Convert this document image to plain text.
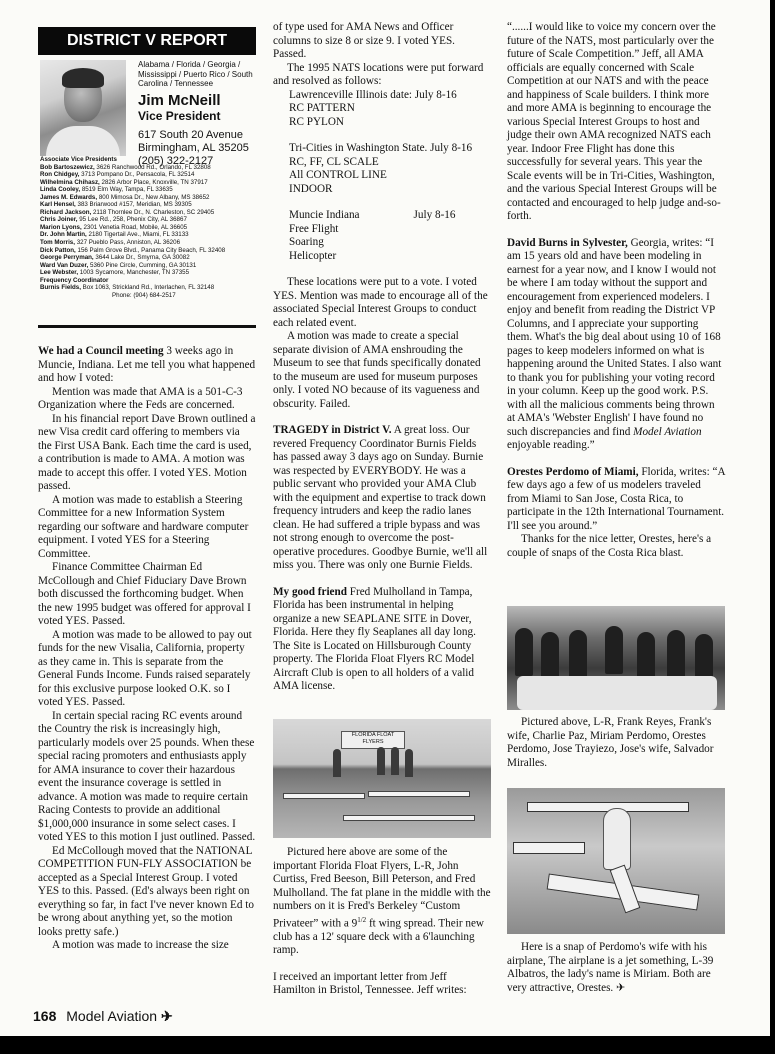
DISTRICT V REPORT
Alabama / Florida / Georgia / Mississippi / Puerto Rico / South Carolina / Tennessee
Jim McNeill
Vice President
617 South 20 Avenue
Birmingham, AL 35205
(205) 322-2127
Associate Vice Presidents
Bob Bartoszewicz, 3626 Ranchwood Rd., Orlando, FL 32808
Ron Chidgey, 3713 Pompano Dr., Pensacola, FL 32514
Wilhelmina Chihasz, 2826 Arbor Place, Knoxville, TN 37917
Linda Cooley, 8519 Elm Way, Tampa, FL 33635
James M. Edwards, 800 Mimosa Dr., New Albany, MS 38652
Karl Hensel, 383 Briarwood #157, Meridian, MS 39305
Richard Jackson, 2118 Thornlee Dr., N. Charleston, SC 29405
Chris Joiner, 95 Lee Rd., 258, Phenix City, AL 36867
Marion Lyons, 2301 Venetia Road, Mobile, AL 36605
Dr. John Martin, 2180 Tigertail Ave., Miami, FL 33133
Tom Morris, 327 Pueblo Pass, Anniston, AL 36206
Dick Patton, 156 Palm Grove Blvd., Panama City Beach, FL 32408
George Perryman, 3644 Lake Dr., Smyrna, GA 30082
Ward Van Duzer, 5360 Pine Circle, Cumming, GA 30131
Lee Webster, 1003 Sycamore, Manchester, TN 37355
Frequency Coordinator
Burnis Fields, Box 1063, Strickland Rd., Interlachen, FL 32148
Phone: (904) 684-2517

We had a Council meeting 3 weeks ago in Muncie, Indiana. Let me tell you what happened and how I voted:

Mention was made that AMA is a 501-C-3 Organization where the Feds are concerned.

In his financial report Dave Brown outlined a new Visa credit card offering to members via the First USA Bank. Each time the card is used, a contribution is made to AMA. A motion was made to accept this offer. I voted YES. Motion passed.

A motion was made to establish a Steering Committee for a new Information System regarding our software and hardware computer equipment. I voted YES for a Steering Committee.

Finance Committee Chairman Ed McCollough and Chief Fiduciary Dave Brown both discussed the forthcoming budget. When the new 1995 budget was offered for approval I voted YES. Passed.

A motion was made to be allowed to pay out funds for the new Visalia, California, property as they came in. This is separate from the General Funds Income. Funds raised separately for this exclusive purpose looked O.K. so I voted YES. Passed.

In certain special racing RC events around the Country the risk is increasingly high, particularly models over 25 pounds. When these special racing promoters and enthusiasts apply for AMA insurance to cover their hazardous event the insurance coverage is settled in advance. A motion was made to require certain Racing Contests to provide an additional $1,000,000 insurance in some select cases. I voted YES to this motion I just outlined. Passed.

Ed McCollough moved that the NATIONAL COMPETITION FUN-FLY ASSOCIATION be accepted as a Special Interest Group. I voted YES to this. Passed. (Ed's always been right on everything so far, in fact I've never known Ed to be wrong about anything yet, so the motion looks pretty safe.)

A motion was made to increase the size

of type used for AMA News and Officer columns to size 8 or size 9. I voted YES. Passed.

The 1995 NATS locations were put forward and resolved as follows:

Lawrenceville Illinois date: July 8-16
RC PATTERN
RC PYLON
Tri-Cities in Washington State. July 8-16
RC, FF, CL SCALE
All CONTROL LINE
INDOOR
Muncie Indiana	July 8-16
Free Flight
Soaring
Helicopter

These locations were put to a vote. I voted YES. Mention was made to encourage all of the associated Special Interest Groups to conduct each related event.

A motion was made to create a special separate division of AMA enshrouding the Museum to see that funds specifically donated to the museum are used for museum purposes only. I voted NO because of its vagueness and obscurity. Failed.

TRAGEDY in District V. A great loss. Our revered Frequency Coordinator Burnis Fields has passed away 3 days ago on Sunday. Burnie was respected by EVERYBODY. He was a public servant who provided your AMA Club with the equipment and expertise to track down frequency intruders and keep the radio lanes clean. He had suffered a triple bypass and was not strong enough to overcome the post-operative procedures. Goodbye Burnie, we'll all miss you. There was only one Burnie Fields.

My good friend Fred Mulholland in Tampa, Florida has been instrumental in helping organize a new SEAPLANE SITE in Dover, Florida. Here they fly Seaplanes all day long. The Site is Located on Hillsburough County property. The Florida Float Flyers RC Model Aircraft Club is open to all holders of a valid AMA license.

FLORIDA FLOAT FLYERS

Pictured here above are some of the important Florida Float Flyers, L-R, John Curtiss, Fred Beeson, Bill Peterson, and Fred Mulholland. The fat plane in the middle with the numbers on it is Fred's Berkeley “Custom Privateer” with a $9^{1/2}$ ft wing spread. Their new club has a 12' square deck with a 6'launching ramp.

I received an important letter from Jeff Hamilton in Bristol, Tennessee. Jeff writes:

“......I would like to voice my concern over the future of the NATS, most particularly over the future of Scale Competition.” Jeff, all AMA officials are equally concerned with Scale Competition at our NATS and with the peace and happiness of Scale builders. I think more and more AMA is beginning to encourage the various Special Interest Groups to host and judge their own AMA recognized NATS each year. Indoor Free Flight has done this successfully for several years. This year the Scale events will be in Tri-Cities, Washington, and the various Special Interest Groups will be contacted and encouraged to help judge and-so-forth.

David Burns in Sylvester, Georgia, writes: “I am 15 years old and have been modeling in earnest for a year now, and I know I would not be where I am today without the support and encouragement from experienced modelers. I enjoy and benefit from reading the District VP Columns, and I appreciate your supporting them. What's the big deal about using 10 of 168 pages to keep modelers informed on what is happening around the United States. I also want to thank you for publishing your voting record in your column. Keep up the good work. P.S. with all the malicious comments being thrown at AMA's 'Webster English' I have found no such discrepancies and find Model Aviation enjoyable reading.”

Orestes Perdomo of Miami, Florida, writes: “A few days ago a few of us modelers traveled from Miami to San Jose, Costa Rica, to participate in the 12th International Tournament. I'll see you around.”

Thanks for the nice letter, Orestes, here's a couple of snaps of the Costa Rica blast.

Pictured above, L-R, Frank Reyes, Frank's wife, Charlie Paz, Miriam Perdomo, Orestes Perdomo, Jose Trayiezo, Jose's wife, Salvador Miralles.

Here is a snap of Perdomo's wife with his airplane, The airplane is a jet something, L-39 Albatros, the lady's name is Miriam. Both are very attractive, Orestes. ✈

168 Model Aviation ✈
